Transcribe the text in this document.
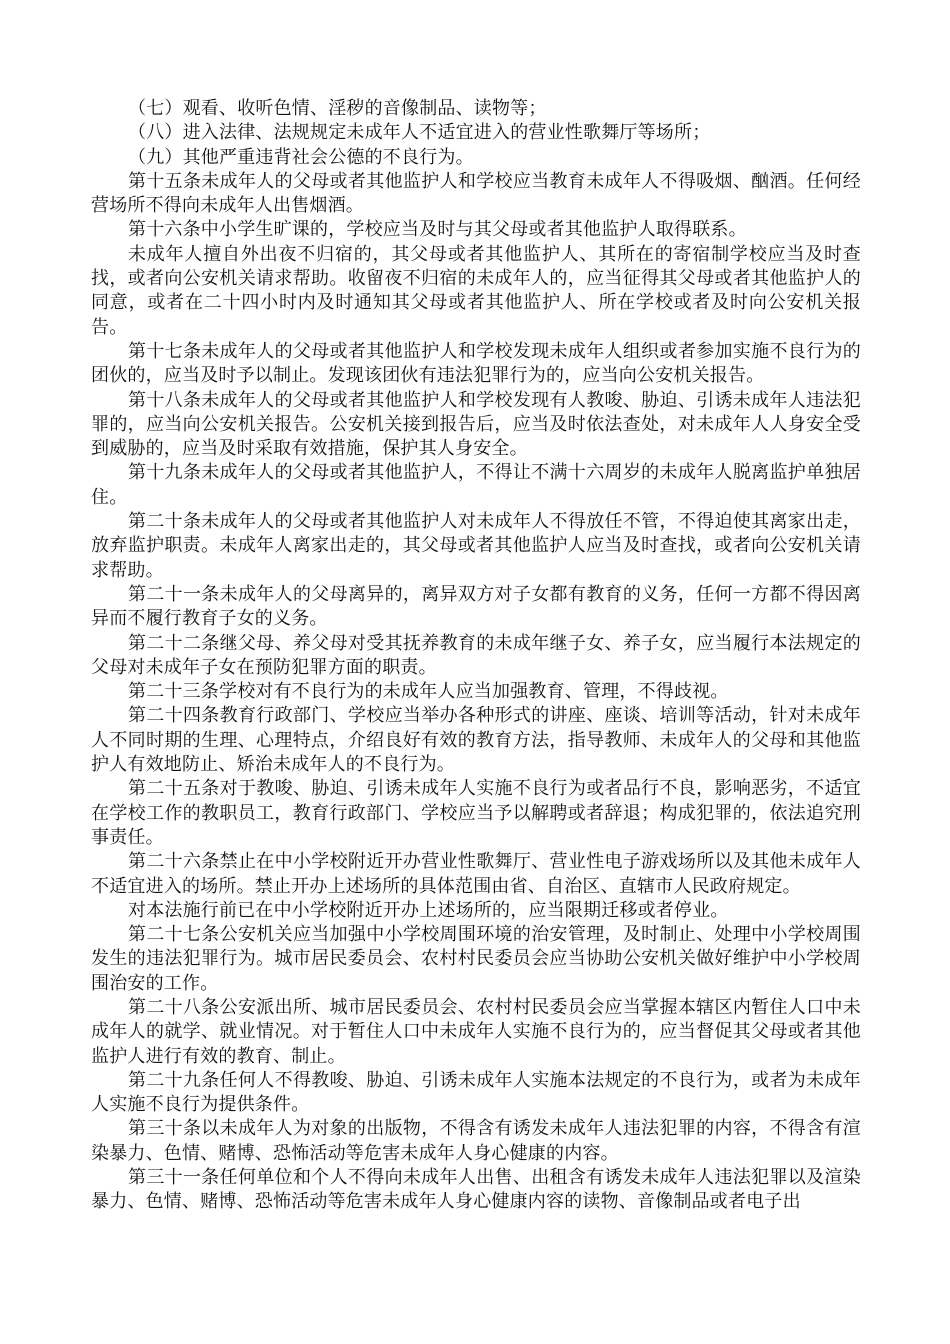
（七）观看、收听色情、淫秽的音像制品、读物等；

（八）进入法律、法规规定未成年人不适宜进入的营业性歌舞厅等场所；

（九）其他严重违背社会公德的不良行为。

第十五条未成年人的父母或者其他监护人和学校应当教育未成年人不得吸烟、酗酒。任何经营场所不得向未成年人出售烟酒。

第十六条中小学生旷课的，学校应当及时与其父母或者其他监护人取得联系。

未成年人擅自外出夜不归宿的，其父母或者其他监护人、其所在的寄宿制学校应当及时查找，或者向公安机关请求帮助。收留夜不归宿的未成年人的，应当征得其父母或者其他监护人的同意，或者在二十四小时内及时通知其父母或者其他监护人、所在学校或者及时向公安机关报告。

第十七条未成年人的父母或者其他监护人和学校发现未成年人组织或者参加实施不良行为的团伙的，应当及时予以制止。发现该团伙有违法犯罪行为的，应当向公安机关报告。

第十八条未成年人的父母或者其他监护人和学校发现有人教唆、胁迫、引诱未成年人违法犯罪的，应当向公安机关报告。公安机关接到报告后，应当及时依法查处，对未成年人人身安全受到威胁的，应当及时采取有效措施，保护其人身安全。

第十九条未成年人的父母或者其他监护人，不得让不满十六周岁的未成年人脱离监护单独居住。

第二十条未成年人的父母或者其他监护人对未成年人不得放任不管，不得迫使其离家出走，放弃监护职责。未成年人离家出走的，其父母或者其他监护人应当及时查找，或者向公安机关请求帮助。

第二十一条未成年人的父母离异的，离异双方对子女都有教育的义务，任何一方都不得因离异而不履行教育子女的义务。

第二十二条继父母、养父母对受其抚养教育的未成年继子女、养子女，应当履行本法规定的父母对未成年子女在预防犯罪方面的职责。

第二十三条学校对有不良行为的未成年人应当加强教育、管理，不得歧视。

第二十四条教育行政部门、学校应当举办各种形式的讲座、座谈、培训等活动，针对未成年人不同时期的生理、心理特点，介绍良好有效的教育方法，指导教师、未成年人的父母和其他监护人有效地防止、矫治未成年人的不良行为。

第二十五条对于教唆、胁迫、引诱未成年人实施不良行为或者品行不良，影响恶劣，不适宜在学校工作的教职员工，教育行政部门、学校应当予以解聘或者辞退；构成犯罪的，依法追究刑事责任。

第二十六条禁止在中小学校附近开办营业性歌舞厅、营业性电子游戏场所以及其他未成年人不适宜进入的场所。禁止开办上述场所的具体范围由省、自治区、直辖市人民政府规定。

对本法施行前已在中小学校附近开办上述场所的，应当限期迁移或者停业。

第二十七条公安机关应当加强中小学校周围环境的治安管理，及时制止、处理中小学校周围发生的违法犯罪行为。城市居民委员会、农村村民委员会应当协助公安机关做好维护中小学校周围治安的工作。

第二十八条公安派出所、城市居民委员会、农村村民委员会应当掌握本辖区内暂住人口中未成年人的就学、就业情况。对于暂住人口中未成年人实施不良行为的，应当督促其父母或者其他监护人进行有效的教育、制止。

第二十九条任何人不得教唆、胁迫、引诱未成年人实施本法规定的不良行为，或者为未成年人实施不良行为提供条件。

第三十条以未成年人为对象的出版物，不得含有诱发未成年人违法犯罪的内容，不得含有渲染暴力、色情、赌博、恐怖活动等危害未成年人身心健康的内容。

第三十一条任何单位和个人不得向未成年人出售、出租含有诱发未成年人违法犯罪以及渲染暴力、色情、赌博、恐怖活动等危害未成年人身心健康内容的读物、音像制品或者电子出
